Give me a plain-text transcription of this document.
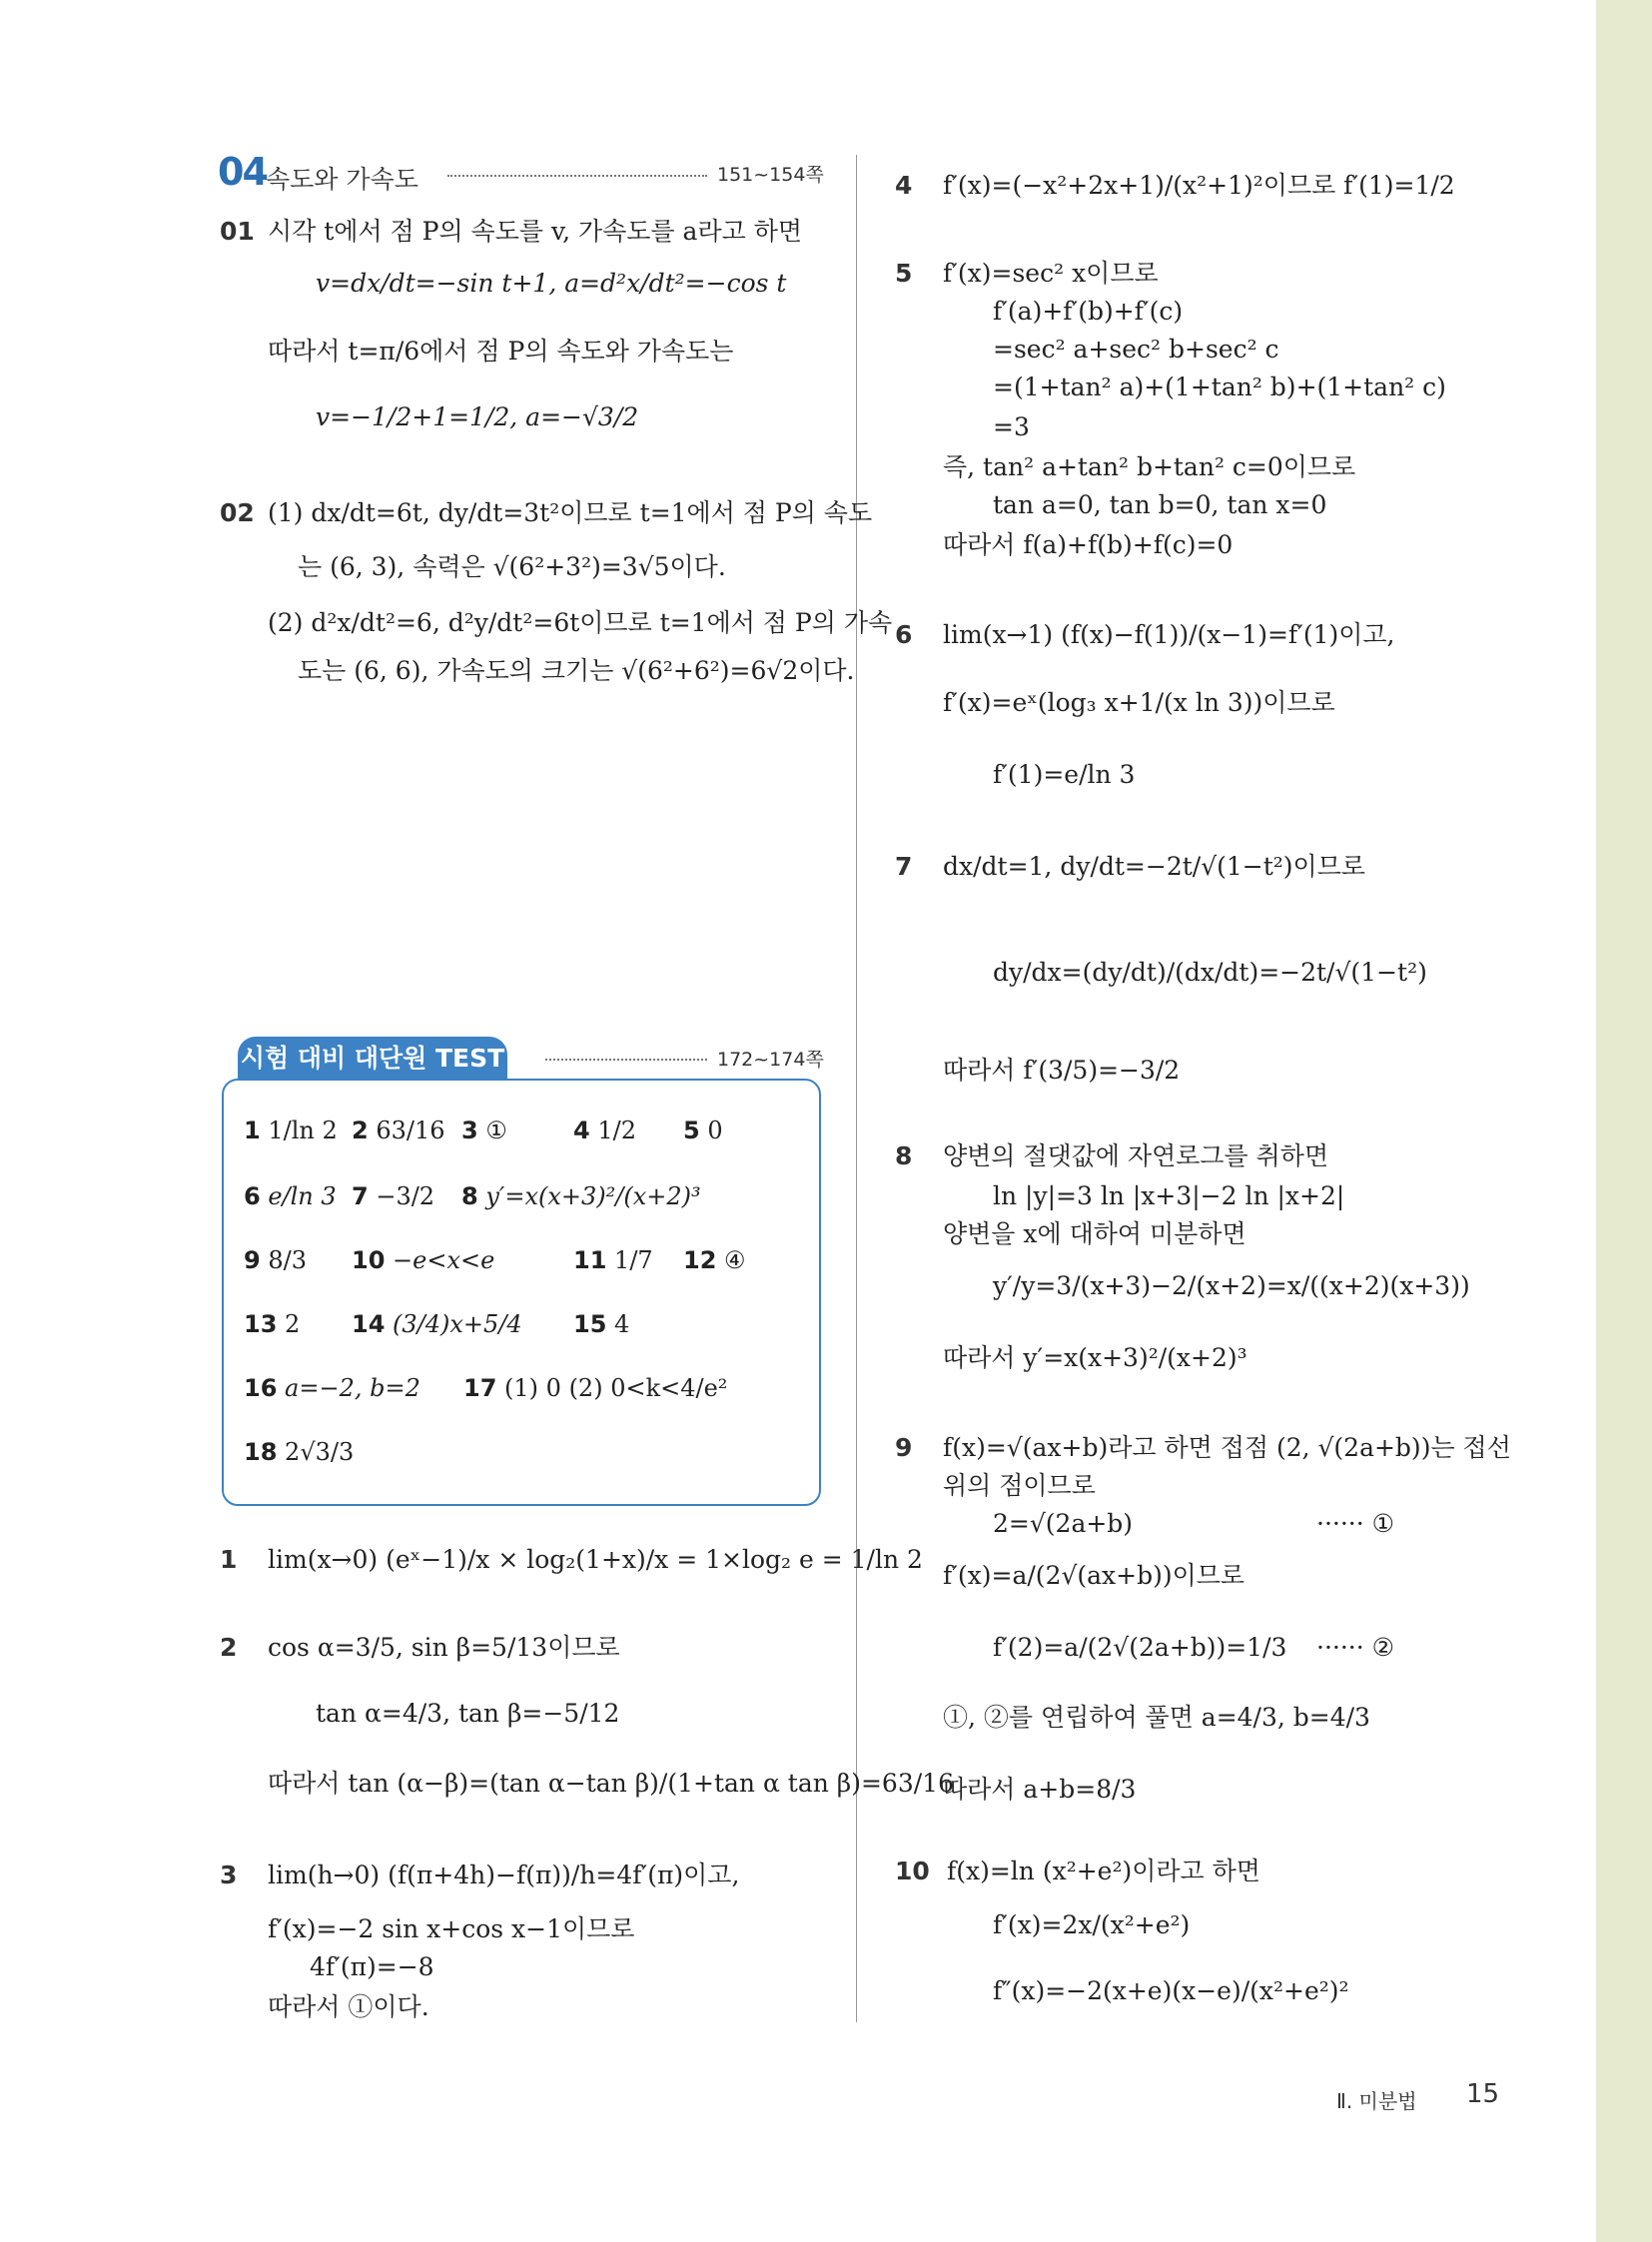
04 속도와 가속도	151~154쪽
01 시각 t에서 점 P의 속도를 v, 가속도를 a라고 하면
v=dx/dt=−sin t+1, a=d²x/dt²=−cos t
따라서 t=π/6에서 점 P의 속도와 가속도는
v=−1/2+1=1/2, a=−√3/2
02 (1) dx/dt=6t, dy/dt=3t²이므로 t=1에서 점 P의 속도
는 (6, 3), 속력은 √(6²+3²)=3√5이다.
(2) d²x/dt²=6, d²y/dt²=6t이므로 t=1에서 점 P의 가속
도는 (6, 6), 가속도의 크기는 √(6²+6²)=6√2이다.
시험 대비 대단원 TEST	172~174쪽
1 1/ln 2 2 63/16 3 ①	4 1/2 5 0
6 e/ln 3 7 −3/2 8 y′=x(x+3)²/(x+2)³
9 8/3 10 −e<x<e	11 1/7 12 ④
13 2 14 (3/4)x+5/4 15 4
16 a=−2, b=2 17 (1) 0 (2) 0<k<4/e²
18 2√3/3
1 lim(x→0) (eˣ−1)/x × log₂(1+x)/x = 1×log₂ e = 1/ln 2
2 cos α=3/5, sin β=5/13이므로
tan α=4/3, tan β=−5/12
따라서 tan (α−β)=(tan α−tan β)/(1+tan α tan β)=63/16
3 lim(h→0) (f(π+4h)−f(π))/h=4f′(π)이고,
f′(x)=−2 sin x+cos x−1이므로
4f′(π)=−8
따라서 ①이다.
4 f′(x)=(−x²+2x+1)/(x²+1)²이므로 f′(1)=1/2
5 f′(x)=sec² x이므로
f′(a)+f′(b)+f′(c)
=sec² a+sec² b+sec² c
=(1+tan² a)+(1+tan² b)+(1+tan² c)
=3
즉, tan² a+tan² b+tan² c=0이므로
tan a=0, tan b=0, tan x=0
따라서 f(a)+f(b)+f(c)=0
6 lim(x→1) (f(x)−f(1))/(x−1)=f′(1)이고,
f′(x)=eˣ(log₃ x+1/(x ln 3))이므로
f′(1)=e/ln 3
7 dx/dt=1, dy/dt=−2t/√(1−t²)이므로
dy/dx=(dy/dt)/(dx/dt)=−2t/√(1−t²)
따라서 f′(3/5)=−3/2
8 양변의 절댓값에 자연로그를 취하면
ln |y|=3 ln |x+3|−2 ln |x+2|
양변을 x에 대하여 미분하면
y′/y=3/(x+3)−2/(x+2)=x/((x+2)(x+3))
따라서 y′=x(x+3)²/(x+2)³
9 f(x)=√(ax+b)라고 하면 접점 (2, √(2a+b))는 접선
위의 점이므로
2=√(2a+b)	······ ①
f′(x)=a/(2√(ax+b))이므로
f′(2)=a/(2√(2a+b))=1/3 ······ ②
①, ②를 연립하여 풀면 a=4/3, b=4/3
따라서 a+b=8/3
10 f(x)=ln (x²+e²)이라고 하면
f′(x)=2x/(x²+e²)
f″(x)=−2(x+e)(x−e)/(x²+e²)²
Ⅱ. 미분법 15
